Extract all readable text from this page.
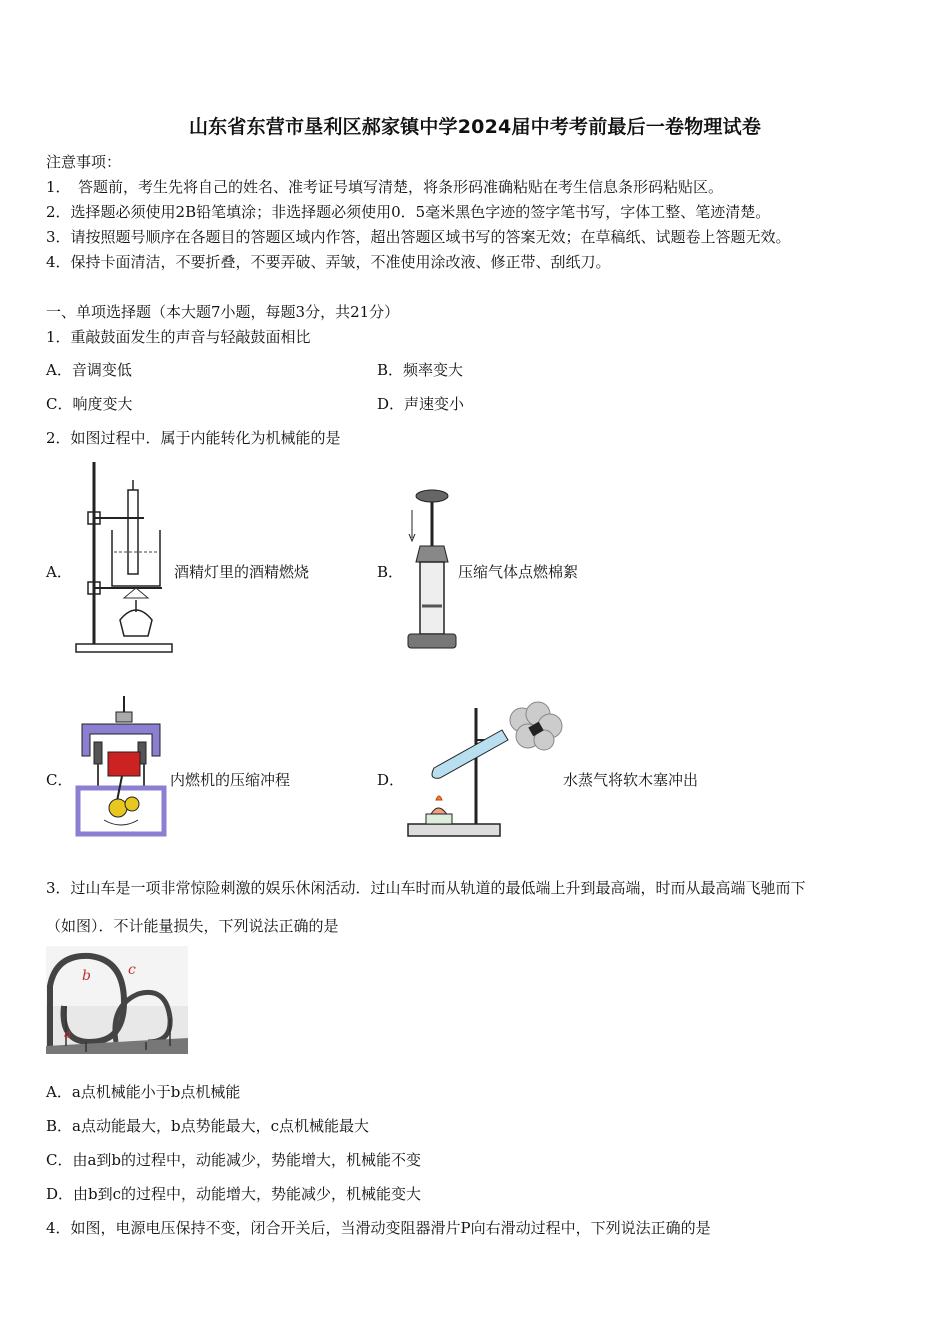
山东省东营市垦利区郝家镇中学2024届中考考前最后一卷物理试卷
注意事项：
1．　答题前，考生先将自己的姓名、准考证号填写清楚，将条形码准确粘贴在考生信息条形码粘贴区。
2．选择题必须使用2B铅笔填涂；非选择题必须使用0．5毫米黑色字迹的签字笔书写，字体工整、笔迹清楚。
3．请按照题号顺序在各题目的答题区域内作答，超出答题区域书写的答案无效；在草稿纸、试题卷上答题无效。
4．保持卡面清洁，不要折叠，不要弄破、弄皱，不准使用涂改液、修正带、刮纸刀。
一、单项选择题（本大题7小题，每题3分，共21分）
1．重敲鼓面发生的声音与轻敲鼓面相比
A．音调变低	B．频率变大
C．响度变大	D．声速变小
2．如图过程中．属于内能转化为机械能的是
A．	酒精灯里的酒精燃烧	B．	压缩气体点燃棉絮
C．	内燃机的压缩冲程	D．	水蒸气将软木塞冲出
3．过山车是一项非常惊险刺激的娱乐休闲活动．过山车时而从轨道的最低端上升到最高端，时而从最高端飞驰而下
（如图）．不计能量损失，下列说法正确的是
b	c
a
A．a点机械能小于b点机械能
B．a点动能最大，b点势能最大，c点机械能最大
C．由a到b的过程中，动能减少，势能增大，机械能不变
D．由b到c的过程中，动能增大，势能减少，机械能变大
4．如图，电源电压保持不变，闭合开关后，当滑动变阻器滑片P向右滑动过程中，下列说法正确的是
